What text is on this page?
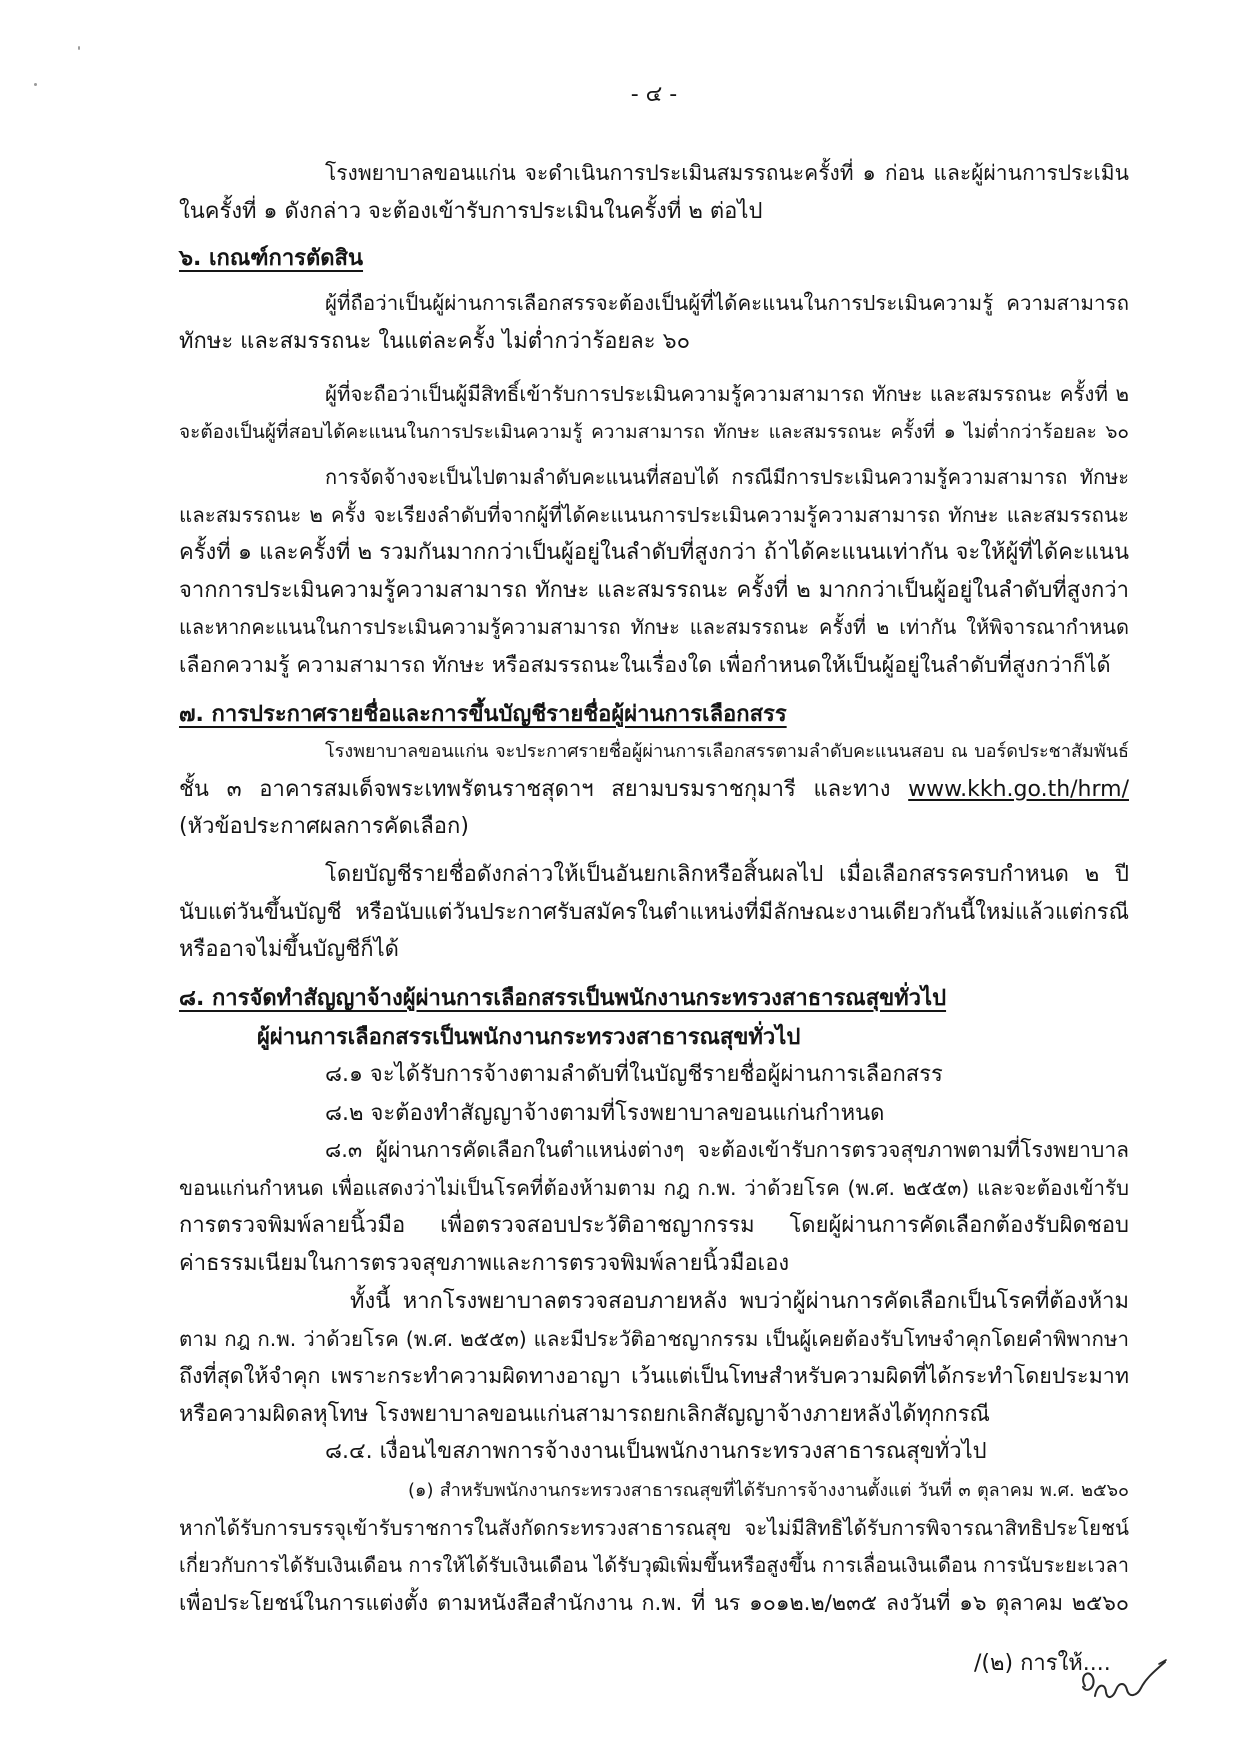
- ๔ -
โรงพยาบาลขอนแก่น จะดำเนินการประเมินสมรรถนะครั้งที่ ๑ ก่อน และผู้ผ่านการประเมิน
ในครั้งที่ ๑ ดังกล่าว จะต้องเข้ารับการประเมินในครั้งที่ ๒ ต่อไป
๖. เกณฑ์การตัดสิน
ผู้ที่ถือว่าเป็นผู้ผ่านการเลือกสรรจะต้องเป็นผู้ที่ได้คะแนนในการประเมินความรู้ ความสามารถ
ทักษะ และสมรรถนะ ในแต่ละครั้ง ไม่ต่ำกว่าร้อยละ ๖๐
ผู้ที่จะถือว่าเป็นผู้มีสิทธิ์เข้ารับการประเมินความรู้ความสามารถ ทักษะ และสมรรถนะ ครั้งที่ ๒
จะต้องเป็นผู้ที่สอบได้คะแนนในการประเมินความรู้ ความสามารถ ทักษะ และสมรรถนะ ครั้งที่ ๑ ไม่ต่ำกว่าร้อยละ ๖๐
การจัดจ้างจะเป็นไปตามลำดับคะแนนที่สอบได้ กรณีมีการประเมินความรู้ความสามารถ ทักษะ
และสมรรถนะ ๒ ครั้ง จะเรียงลำดับที่จากผู้ที่ได้คะแนนการประเมินความรู้ความสามารถ ทักษะ และสมรรถนะ
ครั้งที่ ๑ และครั้งที่ ๒ รวมกันมากกว่าเป็นผู้อยู่ในลำดับที่สูงกว่า ถ้าได้คะแนนเท่ากัน จะให้ผู้ที่ได้คะแนน
จากการประเมินความรู้ความสามารถ ทักษะ และสมรรถนะ ครั้งที่ ๒ มากกว่าเป็นผู้อยู่ในลำดับที่สูงกว่า
และหากคะแนนในการประเมินความรู้ความสามารถ ทักษะ และสมรรถนะ ครั้งที่ ๒ เท่ากัน ให้พิจารณากำหนด
เลือกความรู้ ความสามารถ ทักษะ หรือสมรรถนะในเรื่องใด เพื่อกำหนดให้เป็นผู้อยู่ในลำดับที่สูงกว่าก็ได้
๗. การประกาศรายชื่อและการขึ้นบัญชีรายชื่อผู้ผ่านการเลือกสรร
โรงพยาบาลขอนแก่น จะประกาศรายชื่อผู้ผ่านการเลือกสรรตามลำดับคะแนนสอบ ณ บอร์ดประชาสัมพันธ์
ชั้น ๓ อาคารสมเด็จพระเทพรัตนราชสุดาฯ สยามบรมราชกุมารี และทาง www.kkh.go.th/hrm/
(หัวข้อประกาศผลการคัดเลือก)
โดยบัญชีรายชื่อดังกล่าวให้เป็นอันยกเลิกหรือสิ้นผลไป เมื่อเลือกสรรครบกำหนด ๒ ปี
นับแต่วันขึ้นบัญชี หรือนับแต่วันประกาศรับสมัครในตำแหน่งที่มีลักษณะงานเดียวกันนี้ใหม่แล้วแต่กรณี
หรืออาจไม่ขึ้นบัญชีก็ได้
๘. การจัดทำสัญญาจ้างผู้ผ่านการเลือกสรรเป็นพนักงานกระทรวงสาธารณสุขทั่วไป
ผู้ผ่านการเลือกสรรเป็นพนักงานกระทรวงสาธารณสุขทั่วไป
๘.๑ จะได้รับการจ้างตามลำดับที่ในบัญชีรายชื่อผู้ผ่านการเลือกสรร
๘.๒ จะต้องทำสัญญาจ้างตามที่โรงพยาบาลขอนแก่นกำหนด
๘.๓ ผู้ผ่านการคัดเลือกในตำแหน่งต่างๆ จะต้องเข้ารับการตรวจสุขภาพตามที่โรงพยาบาล
ขอนแก่นกำหนด เพื่อแสดงว่าไม่เป็นโรคที่ต้องห้ามตาม กฎ ก.พ. ว่าด้วยโรค (พ.ศ. ๒๕๕๓) และจะต้องเข้ารับ
การตรวจพิมพ์ลายนิ้วมือ เพื่อตรวจสอบประวัติอาชญากรรม โดยผู้ผ่านการคัดเลือกต้องรับผิดชอบ
ค่าธรรมเนียมในการตรวจสุขภาพและการตรวจพิมพ์ลายนิ้วมือเอง
ทั้งนี้ หากโรงพยาบาลตรวจสอบภายหลัง พบว่าผู้ผ่านการคัดเลือกเป็นโรคที่ต้องห้าม
ตาม กฎ ก.พ. ว่าด้วยโรค (พ.ศ. ๒๕๕๓) และมีประวัติอาชญากรรม เป็นผู้เคยต้องรับโทษจำคุกโดยคำพิพากษา
ถึงที่สุดให้จำคุก เพราะกระทำความผิดทางอาญา เว้นแต่เป็นโทษสำหรับความผิดที่ได้กระทำโดยประมาท
หรือความผิดลหุโทษ โรงพยาบาลขอนแก่นสามารถยกเลิกสัญญาจ้างภายหลังได้ทุกกรณี
๘.๔. เงื่อนไขสภาพการจ้างงานเป็นพนักงานกระทรวงสาธารณสุขทั่วไป
(๑) สำหรับพนักงานกระทรวงสาธารณสุขที่ได้รับการจ้างงานตั้งแต่ วันที่ ๓ ตุลาคม พ.ศ. ๒๕๖๐
หากได้รับการบรรจุเข้ารับราชการในสังกัดกระทรวงสาธารณสุข จะไม่มีสิทธิได้รับการพิจารณาสิทธิประโยชน์
เกี่ยวกับการได้รับเงินเดือน การให้ได้รับเงินเดือน ได้รับวุฒิเพิ่มขึ้นหรือสูงขึ้น การเลื่อนเงินเดือน การนับระยะเวลา
เพื่อประโยชน์ในการแต่งตั้ง ตามหนังสือสำนักงาน ก.พ. ที่ นร ๑๐๑๒.๒/๒๓๕ ลงวันที่ ๑๖ ตุลาคม ๒๕๖๐
/(๒) การให้....
